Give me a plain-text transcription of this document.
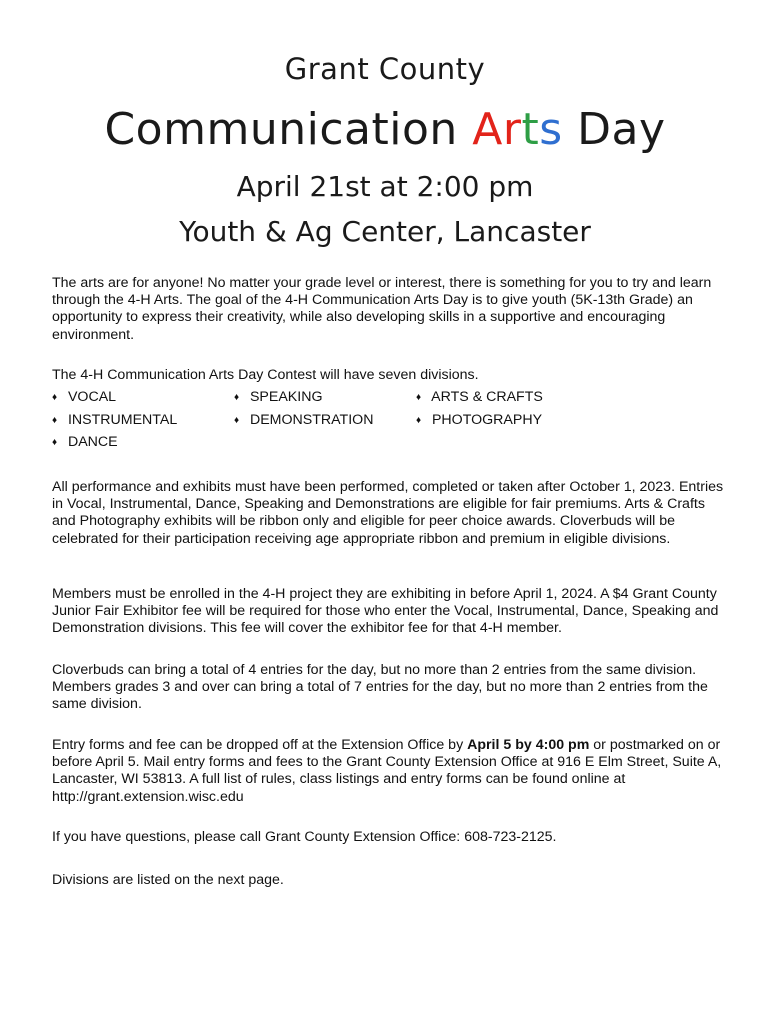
Grant County
Communication Arts Day
April 21st at 2:00 pm
Youth & Ag Center, Lancaster
The arts are for anyone! No matter your grade level or interest, there is something for you to try and learn through the 4-H Arts. The goal of the 4-H Communication Arts Day is to give youth (5K-13th Grade) an opportunity to express their creativity, while also developing skills in a supportive and encouraging environment.
The 4-H Communication Arts Day Contest will have seven divisions.
♦ VOCAL	♦ SPEAKING	♦ ARTS & CRAFTS
♦ INSTRUMENTAL	♦ DEMONSTRATION	♦ PHOTOGRAPHY
♦ DANCE
All performance and exhibits must have been performed, completed or taken after October 1, 2023. Entries in Vocal, Instrumental, Dance, Speaking and Demonstrations are eligible for fair premiums. Arts & Crafts and Photography exhibits will be ribbon only and eligible for peer choice awards. Cloverbuds will be celebrated for their participation receiving age appropriate ribbon and premium in eligible divisions.
Members must be enrolled in the 4-H project they are exhibiting in before April 1, 2024. A $4 Grant County Junior Fair Exhibitor fee will be required for those who enter the Vocal, Instrumental, Dance, Speaking and Demonstration divisions. This fee will cover the exhibitor fee for that 4-H member.
Cloverbuds can bring a total of 4 entries for the day, but no more than 2 entries from the same division. Members grades 3 and over can bring a total of 7 entries for the day, but no more than 2 entries from the same division.
Entry forms and fee can be dropped off at the Extension Office by April 5 by 4:00 pm or postmarked on or before April 5. Mail entry forms and fees to the Grant County Extension Office at 916 E Elm Street, Suite A, Lancaster, WI 53813. A full list of rules, class listings and entry forms can be found online at http://grant.extension.wisc.edu
If you have questions, please call Grant County Extension Office: 608-723-2125.
Divisions are listed on the next page.
